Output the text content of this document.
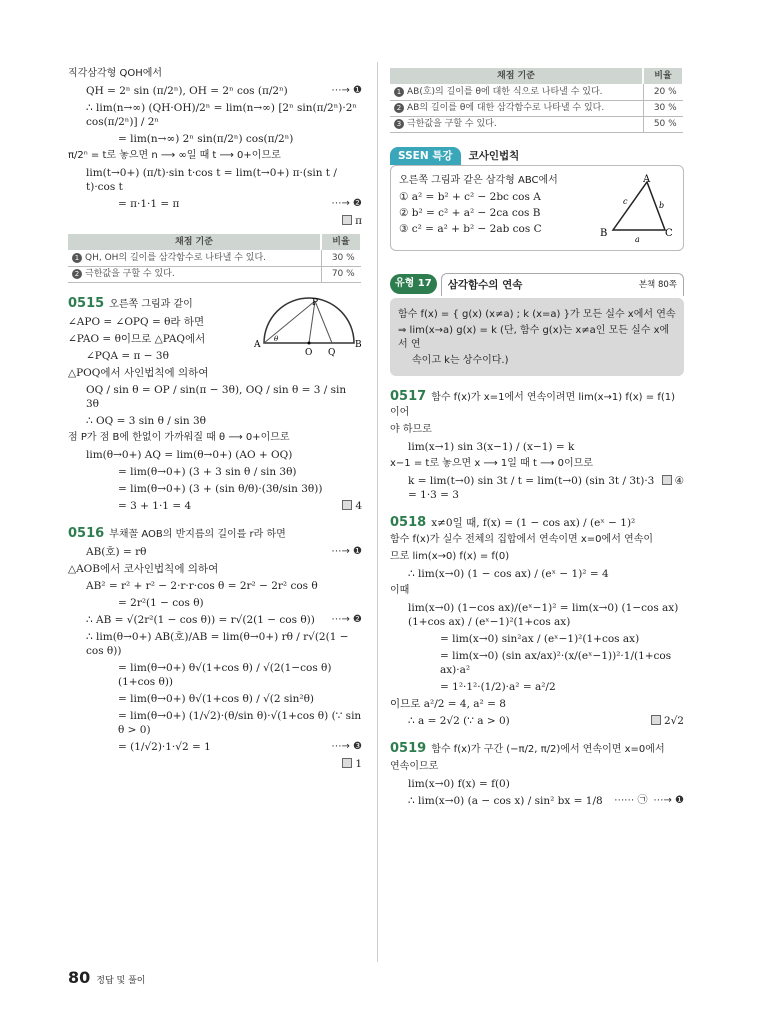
직각삼각형 QOH에서
QH = 2ⁿ sin (π/2ⁿ), OH = 2ⁿ cos (π/2ⁿ)	⋯→ ❶
∴ lim(n→∞) (QH·OH)/2ⁿ = lim(n→∞) [2ⁿ sin(π/2ⁿ)·2ⁿ cos(π/2ⁿ)] / 2ⁿ
= lim(n→∞) 2ⁿ sin(π/2ⁿ) cos(π/2ⁿ)
π/2ⁿ = t로 놓으면 n ⟶ ∞일 때 t ⟶ 0+이므로
lim(t→0+) (π/t)·sin t·cos t = lim(t→0+) π·(sin t / t)·cos t
= π·1·1 = π	⋯→ ❷
π
채점 기준	비율
1 QH, OH의 길이를 삼각함수로 나타낼 수 있다.	30 %
2 극한값을 구할 수 있다.	70 %
P
A
O Q
B
θ
0515 오른쪽 그림과 같이
∠APO = ∠OPQ = θ라 하면
∠PAO = θ이므로 △PAQ에서
∠PQA = π − 3θ
△POQ에서 사인법칙에 의하여
OQ / sin θ = OP / sin(π − 3θ), OQ / sin θ = 3 / sin 3θ
∴ OQ = 3 sin θ / sin 3θ
점 P가 점 B에 한없이 가까워질 때 θ ⟶ 0+이므로
lim(θ→0+) AQ = lim(θ→0+) (AO + OQ)
= lim(θ→0+) (3 + 3 sin θ / sin 3θ)
= lim(θ→0+) (3 + (sin θ/θ)·(3θ/sin 3θ))
= 3 + 1·1 = 4	4
0516 부채꼴 AOB의 반지름의 길이를 r라 하면
AB(호) = rθ	⋯→ ❶
△AOB에서 코사인법칙에 의하여
AB² = r² + r² − 2·r·r·cos θ = 2r² − 2r² cos θ
= 2r²(1 − cos θ)
∴ AB = √(2r²(1 − cos θ)) = r√(2(1 − cos θ))	⋯→ ❷
∴ lim(θ→0+) AB(호)/AB = lim(θ→0+) rθ / r√(2(1 − cos θ))
= lim(θ→0+) θ√(1+cos θ) / √(2(1−cos θ)(1+cos θ))
= lim(θ→0+) θ√(1+cos θ) / √(2 sin²θ)
= lim(θ→0+) (1/√2)·(θ/sin θ)·√(1+cos θ) (∵ sin θ > 0)
= (1/√2)·1·√2 = 1	⋯→ ❸
1
80 정답 및 풀이
채점 기준	비율
1 AB(호)의 길이를 θ에 대한 식으로 나타낼 수 있다.	20 %
2 AB의 길이를 θ에 대한 삼각함수로 나타낼 수 있다.	30 %
3 극한값을 구할 수 있다.	50 %
SSEN 특강	코사인법칙
A
B	C
a
b
c
오른쪽 그림과 같은 삼각형 ABC에서
① a² = b² + c² − 2bc cos A
② b² = c² + a² − 2ca cos B
③ c² = a² + b² − 2ab cos C
유형 17	삼각함수의 연속	본책 80쪽
함수 f(x) = { g(x) (x≠a) ; k (x=a) }가 모든 실수 x에서 연속
⇒ lim(x→a) g(x) = k (단, 함수 g(x)는 x≠a인 모든 실수 x에서 연
속이고 k는 상수이다.)
0517 함수 f(x)가 x=1에서 연속이려면 lim(x→1) f(x) = f(1)이어
야 하므로
lim(x→1) sin 3(x−1) / (x−1) = k
x−1 = t로 놓으면 x ⟶ 1일 때 t ⟶ 0이므로
k = lim(t→0) sin 3t / t = lim(t→0) (sin 3t / 3t)·3 = 1·3 = 3
④
0518 x≠0일 때, f(x) = (1 − cos ax) / (eˣ − 1)²
함수 f(x)가 실수 전체의 집합에서 연속이면 x=0에서 연속이
므로 lim(x→0) f(x) = f(0)
∴ lim(x→0) (1 − cos ax) / (eˣ − 1)² = 4
이때
lim(x→0) (1−cos ax)/(eˣ−1)² = lim(x→0) (1−cos ax)(1+cos ax) / (eˣ−1)²(1+cos ax)
= lim(x→0) sin²ax / (eˣ−1)²(1+cos ax)
= lim(x→0) (sin ax/ax)²·(x/(eˣ−1))²·1/(1+cos ax)·a²
= 1²·1²·(1/2)·a² = a²/2
이므로 a²/2 = 4, a² = 8
∴ a = 2√2 (∵ a > 0)	2√2
0519 함수 f(x)가 구간 (−π/2, π/2)에서 연속이면 x=0에서
연속이므로
lim(x→0) f(x) = f(0)
∴ lim(x→0) (a − cos x) / sin² bx = 1/8	⋯⋯ ㉠ ⋯→ ❶
